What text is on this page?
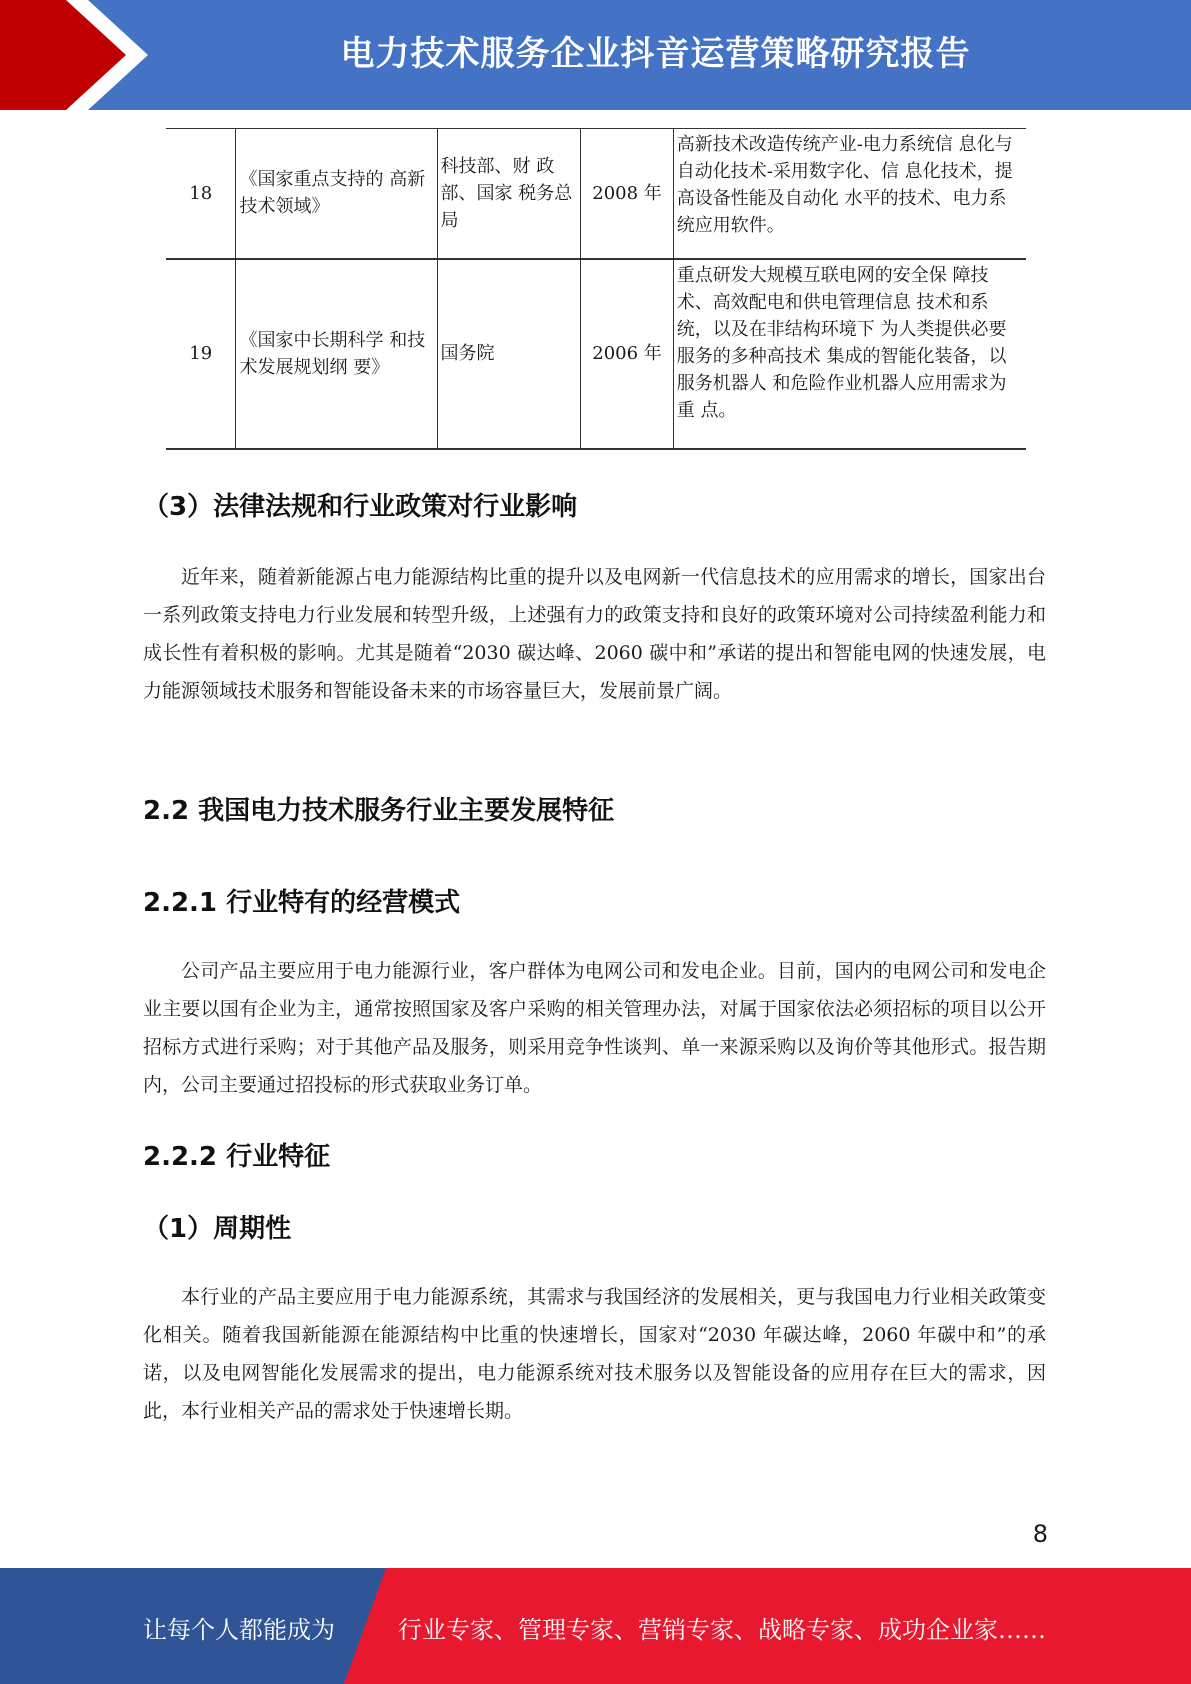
电力技术服务企业抖音运营策略研究报告
18	《国家重点支持的 高新技术领域》	科技部、财 政部、国家 税务总局	2008 年	高新技术改造传统产业-电力系统信 息化与自动化技术-采用数字化、信 息化技术，提高设备性能及自动化 水平的技术、电力系统应用软件。
19	《国家中长期科学 和技术发展规划纲 要》	国务院	2006 年	重点研发大规模互联电网的安全保 障技术、高效配电和供电管理信息 技术和系统，以及在非结构环境下 为人类提供必要服务的多种高技术 集成的智能化装备，以服务机器人 和危险作业机器人应用需求为重 点。
（3）法律法规和行业政策对行业影响

近年来，随着新能源占电力能源结构比重的提升以及电网新一代信息技术的应用需求的增长，国家出台一系列政策支持电力行业发展和转型升级，上述强有力的政策支持和良好的政策环境对公司持续盈利能力和成长性有着积极的影响。尤其是随着“2030 碳达峰、2060 碳中和”承诺的提出和智能电网的快速发展，电力能源领域技术服务和智能设备未来的市场容量巨大，发展前景广阔。

2.2 我国电力技术服务行业主要发展特征
2.2.1 行业特有的经营模式

公司产品主要应用于电力能源行业，客户群体为电网公司和发电企业。目前，国内的电网公司和发电企业主要以国有企业为主，通常按照国家及客户采购的相关管理办法，对属于国家依法必须招标的项目以公开招标方式进行采购；对于其他产品及服务，则采用竞争性谈判、单一来源采购以及询价等其他形式。报告期内，公司主要通过招投标的形式获取业务订单。

2.2.2 行业特征
（1）周期性

本行业的产品主要应用于电力能源系统，其需求与我国经济的发展相关，更与我国电力行业相关政策变化相关。随着我国新能源在能源结构中比重的快速增长，国家对“2030 年碳达峰，2060 年碳中和”的承诺，以及电网智能化发展需求的提出，电力能源系统对技术服务以及智能设备的应用存在巨大的需求，因此，本行业相关产品的需求处于快速增长期。

8
让每个人都能成为	行业专家、管理专家、营销专家、战略专家、成功企业家……
